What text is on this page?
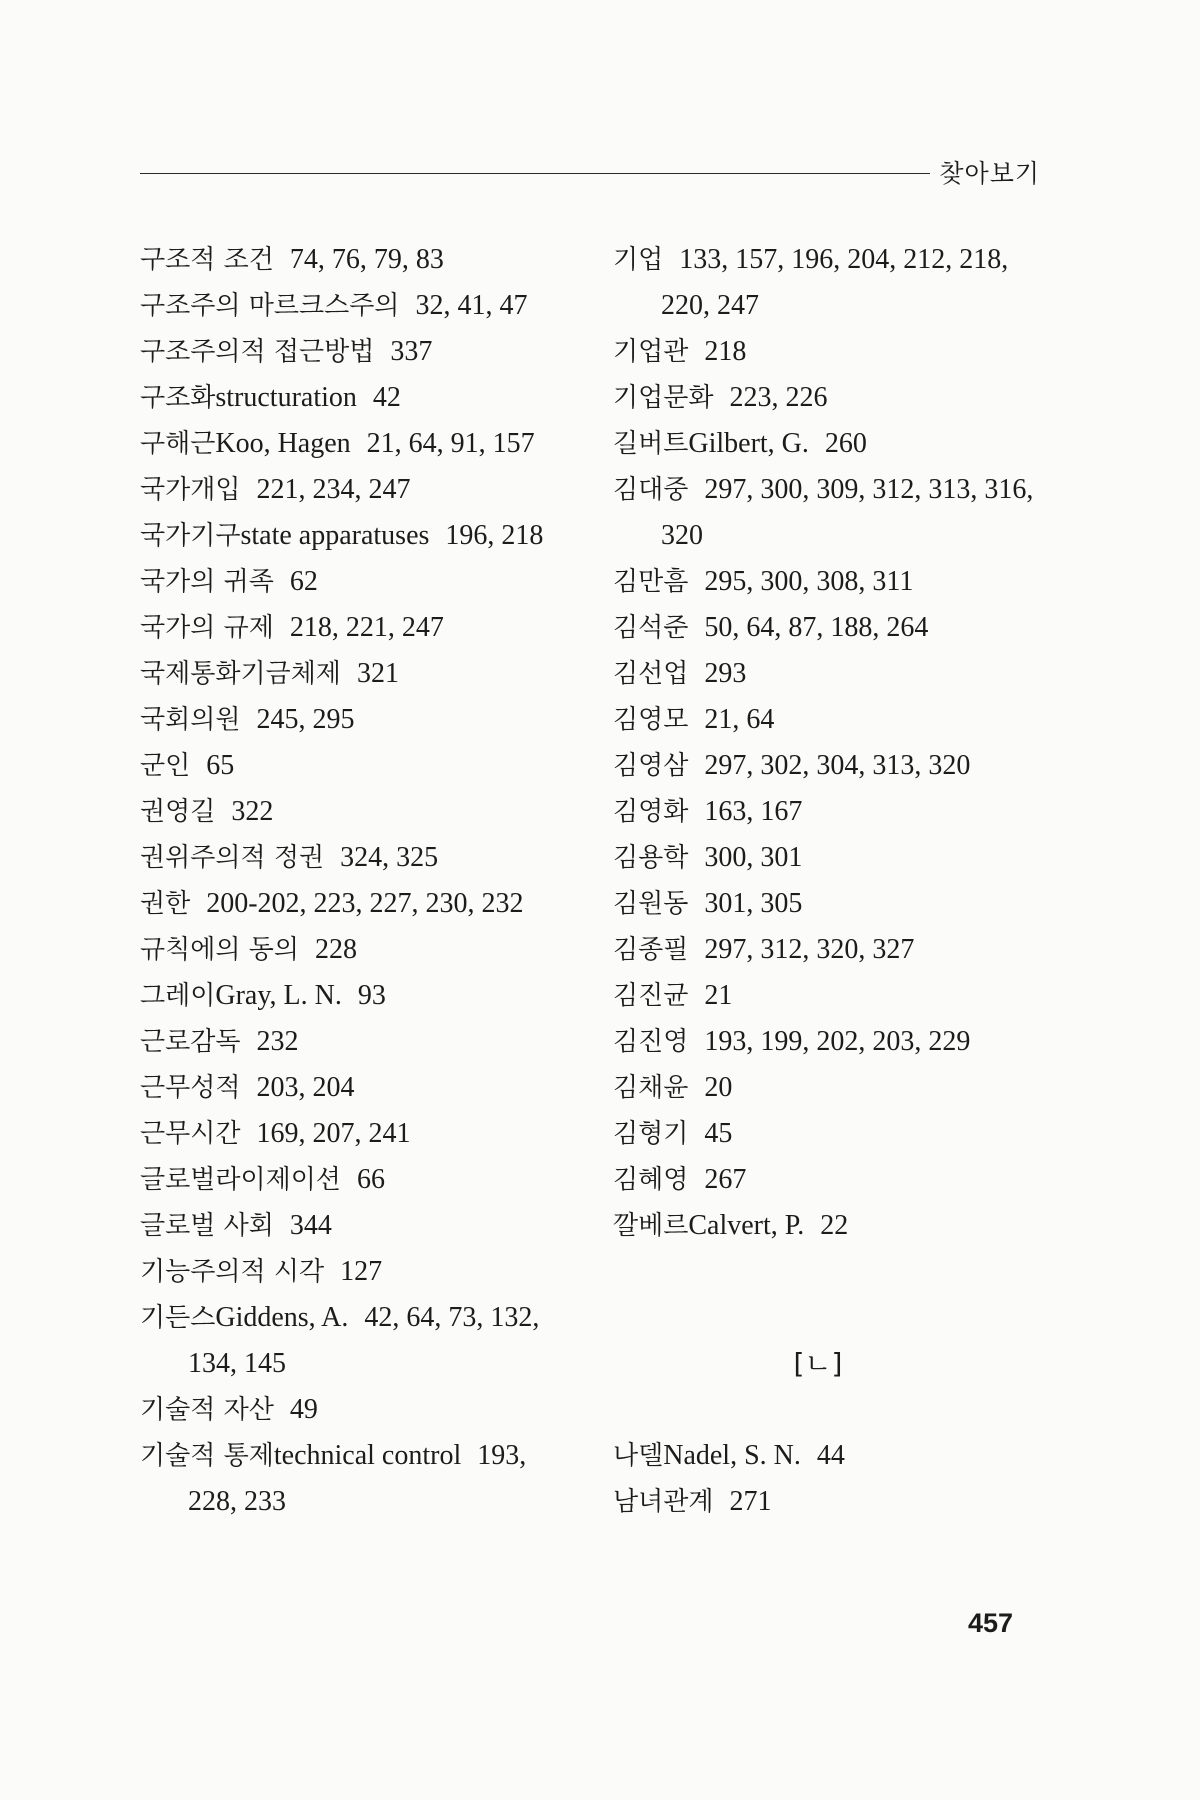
찾아보기
구조적 조건 74, 76, 79, 83
구조주의 마르크스주의 32, 41, 47
구조주의적 접근방법 337
구조화structuration 42
구해근Koo, Hagen 21, 64, 91, 157
국가개입 221, 234, 247
국가기구state apparatuses 196, 218
국가의 귀족 62
국가의 규제 218, 221, 247
국제통화기금체제 321
국회의원 245, 295
군인 65
권영길 322
권위주의적 정권 324, 325
권한 200-202, 223, 227, 230, 232
규칙에의 동의 228
그레이Gray, L. N. 93
근로감독 232
근무성적 203, 204
근무시간 169, 207, 241
글로벌라이제이션 66
글로벌 사회 344
기능주의적 시각 127
기든스Giddens, A. 42, 64, 73, 132,
134, 145
기술적 자산 49
기술적 통제technical control 193,
228, 233
기업 133, 157, 196, 204, 212, 218,
220, 247
기업관 218
기업문화 223, 226
길버트Gilbert, G. 260
김대중 297, 300, 309, 312, 313, 316,
320
김만흠 295, 300, 308, 311
김석준 50, 64, 87, 188, 264
김선업 293
김영모 21, 64
김영삼 297, 302, 304, 313, 320
김영화 163, 167
김용학 300, 301
김원동 301, 305
김종필 297, 312, 320, 327
김진균 21
김진영 193, 199, 202, 203, 229
김채윤 20
김형기 45
김혜영 267
깔베르Calvert, P. 22
[ㄴ]
나델Nadel, S. N. 44
남녀관계 271
457
